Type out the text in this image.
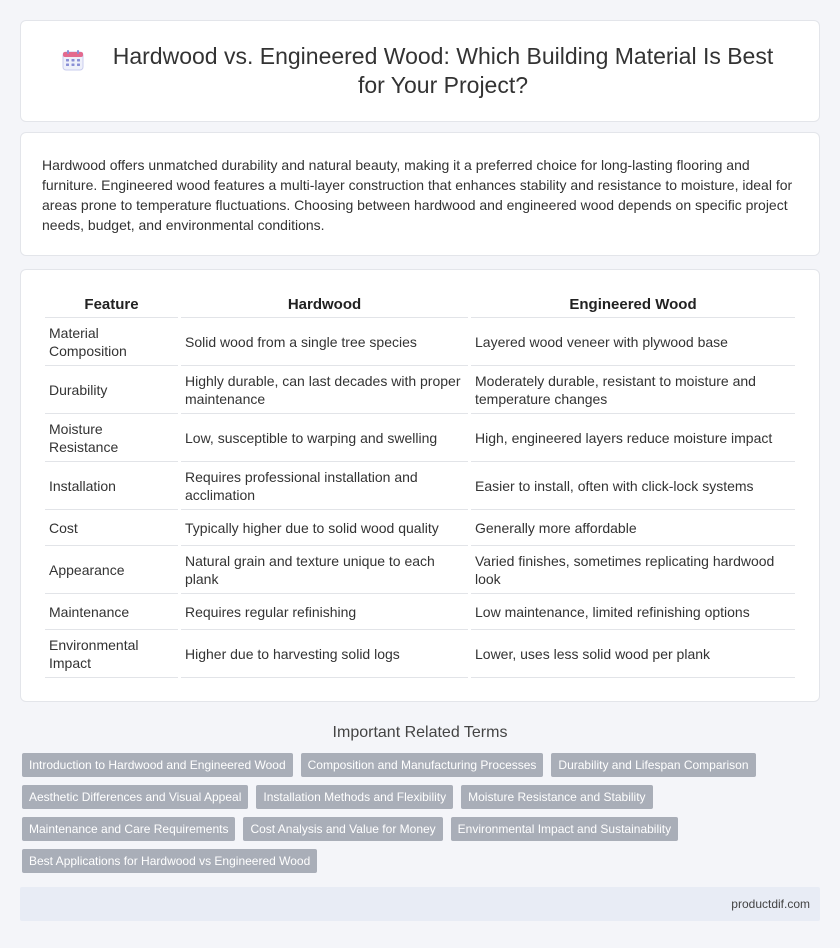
Hardwood vs. Engineered Wood: Which Building Material Is Best for Your Project?
Hardwood offers unmatched durability and natural beauty, making it a preferred choice for long-lasting flooring and furniture. Engineered wood features a multi-layer construction that enhances stability and resistance to moisture, ideal for areas prone to temperature fluctuations. Choosing between hardwood and engineered wood depends on specific project needs, budget, and environmental conditions.
Feature	Hardwood	Engineered Wood
Material Composition	Solid wood from a single tree species	Layered wood veneer with plywood base
Durability	Highly durable, can last decades with proper maintenance	Moderately durable, resistant to moisture and temperature changes
Moisture Resistance	Low, susceptible to warping and swelling	High, engineered layers reduce moisture impact
Installation	Requires professional installation and acclimation	Easier to install, often with click-lock systems
Cost	Typically higher due to solid wood quality	Generally more affordable
Appearance	Natural grain and texture unique to each plank	Varied finishes, sometimes replicating hardwood look
Maintenance	Requires regular refinishing	Low maintenance, limited refinishing options
Environmental Impact	Higher due to harvesting solid logs	Lower, uses less solid wood per plank
Important Related Terms
Introduction to Hardwood and Engineered Wood	Composition and Manufacturing Processes	Durability and Lifespan Comparison
Aesthetic Differences and Visual Appeal	Installation Methods and Flexibility	Moisture Resistance and Stability
Maintenance and Care Requirements	Cost Analysis and Value for Money	Environmental Impact and Sustainability
Best Applications for Hardwood vs Engineered Wood
productdif.com
